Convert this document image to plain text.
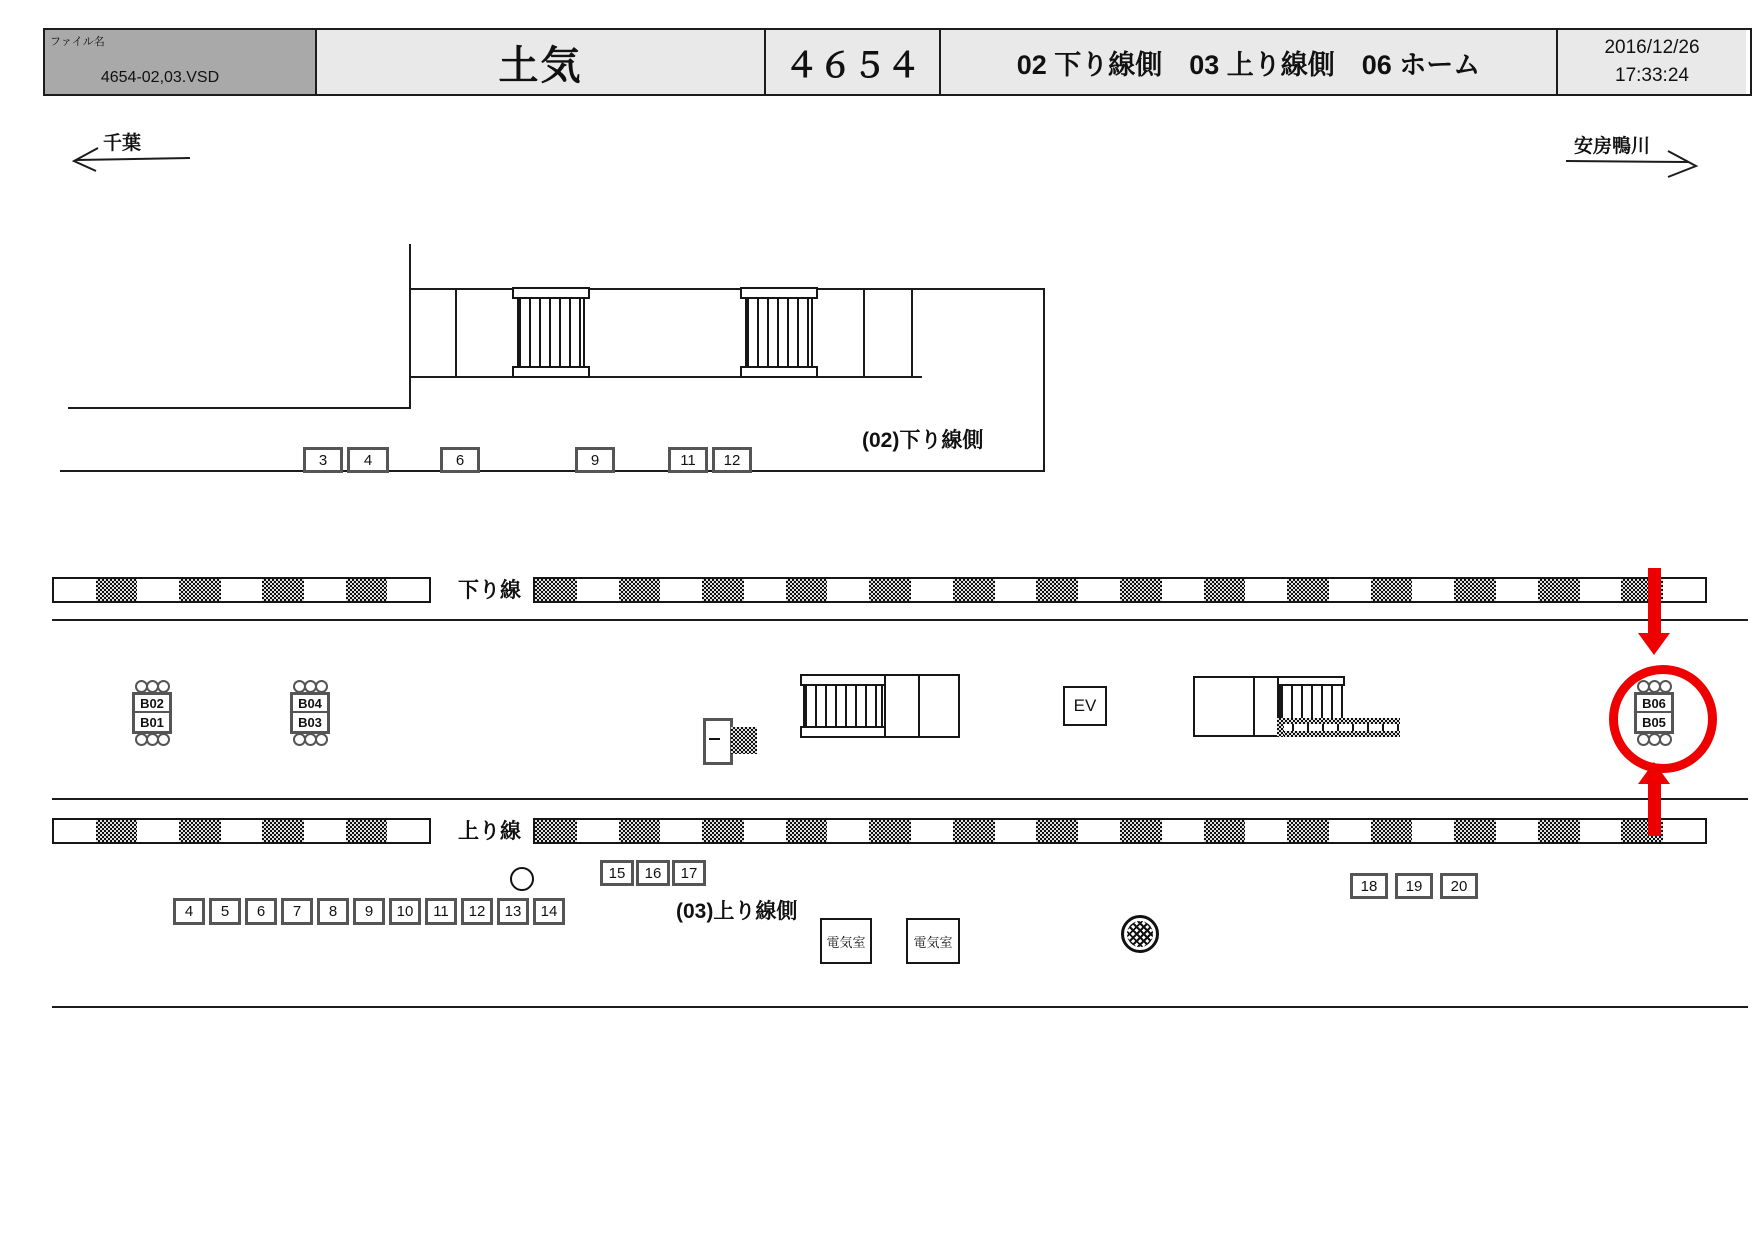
ファイル名
4654-02,03.VSD	土気	４６５４	02 下り線側　03 上り線側　06 ホーム
2016/12/26
17:33:24
千葉	安房鴨川
(02)下り線側
3	4	6	9	11	12
下り線
B02
B01
B04
B03
EV	B06
B05
上り線
15	16	17
(03)上り線側
4	5	6	7	8	9	10	11	12	13	14
電気室	電気室
18	19	20
